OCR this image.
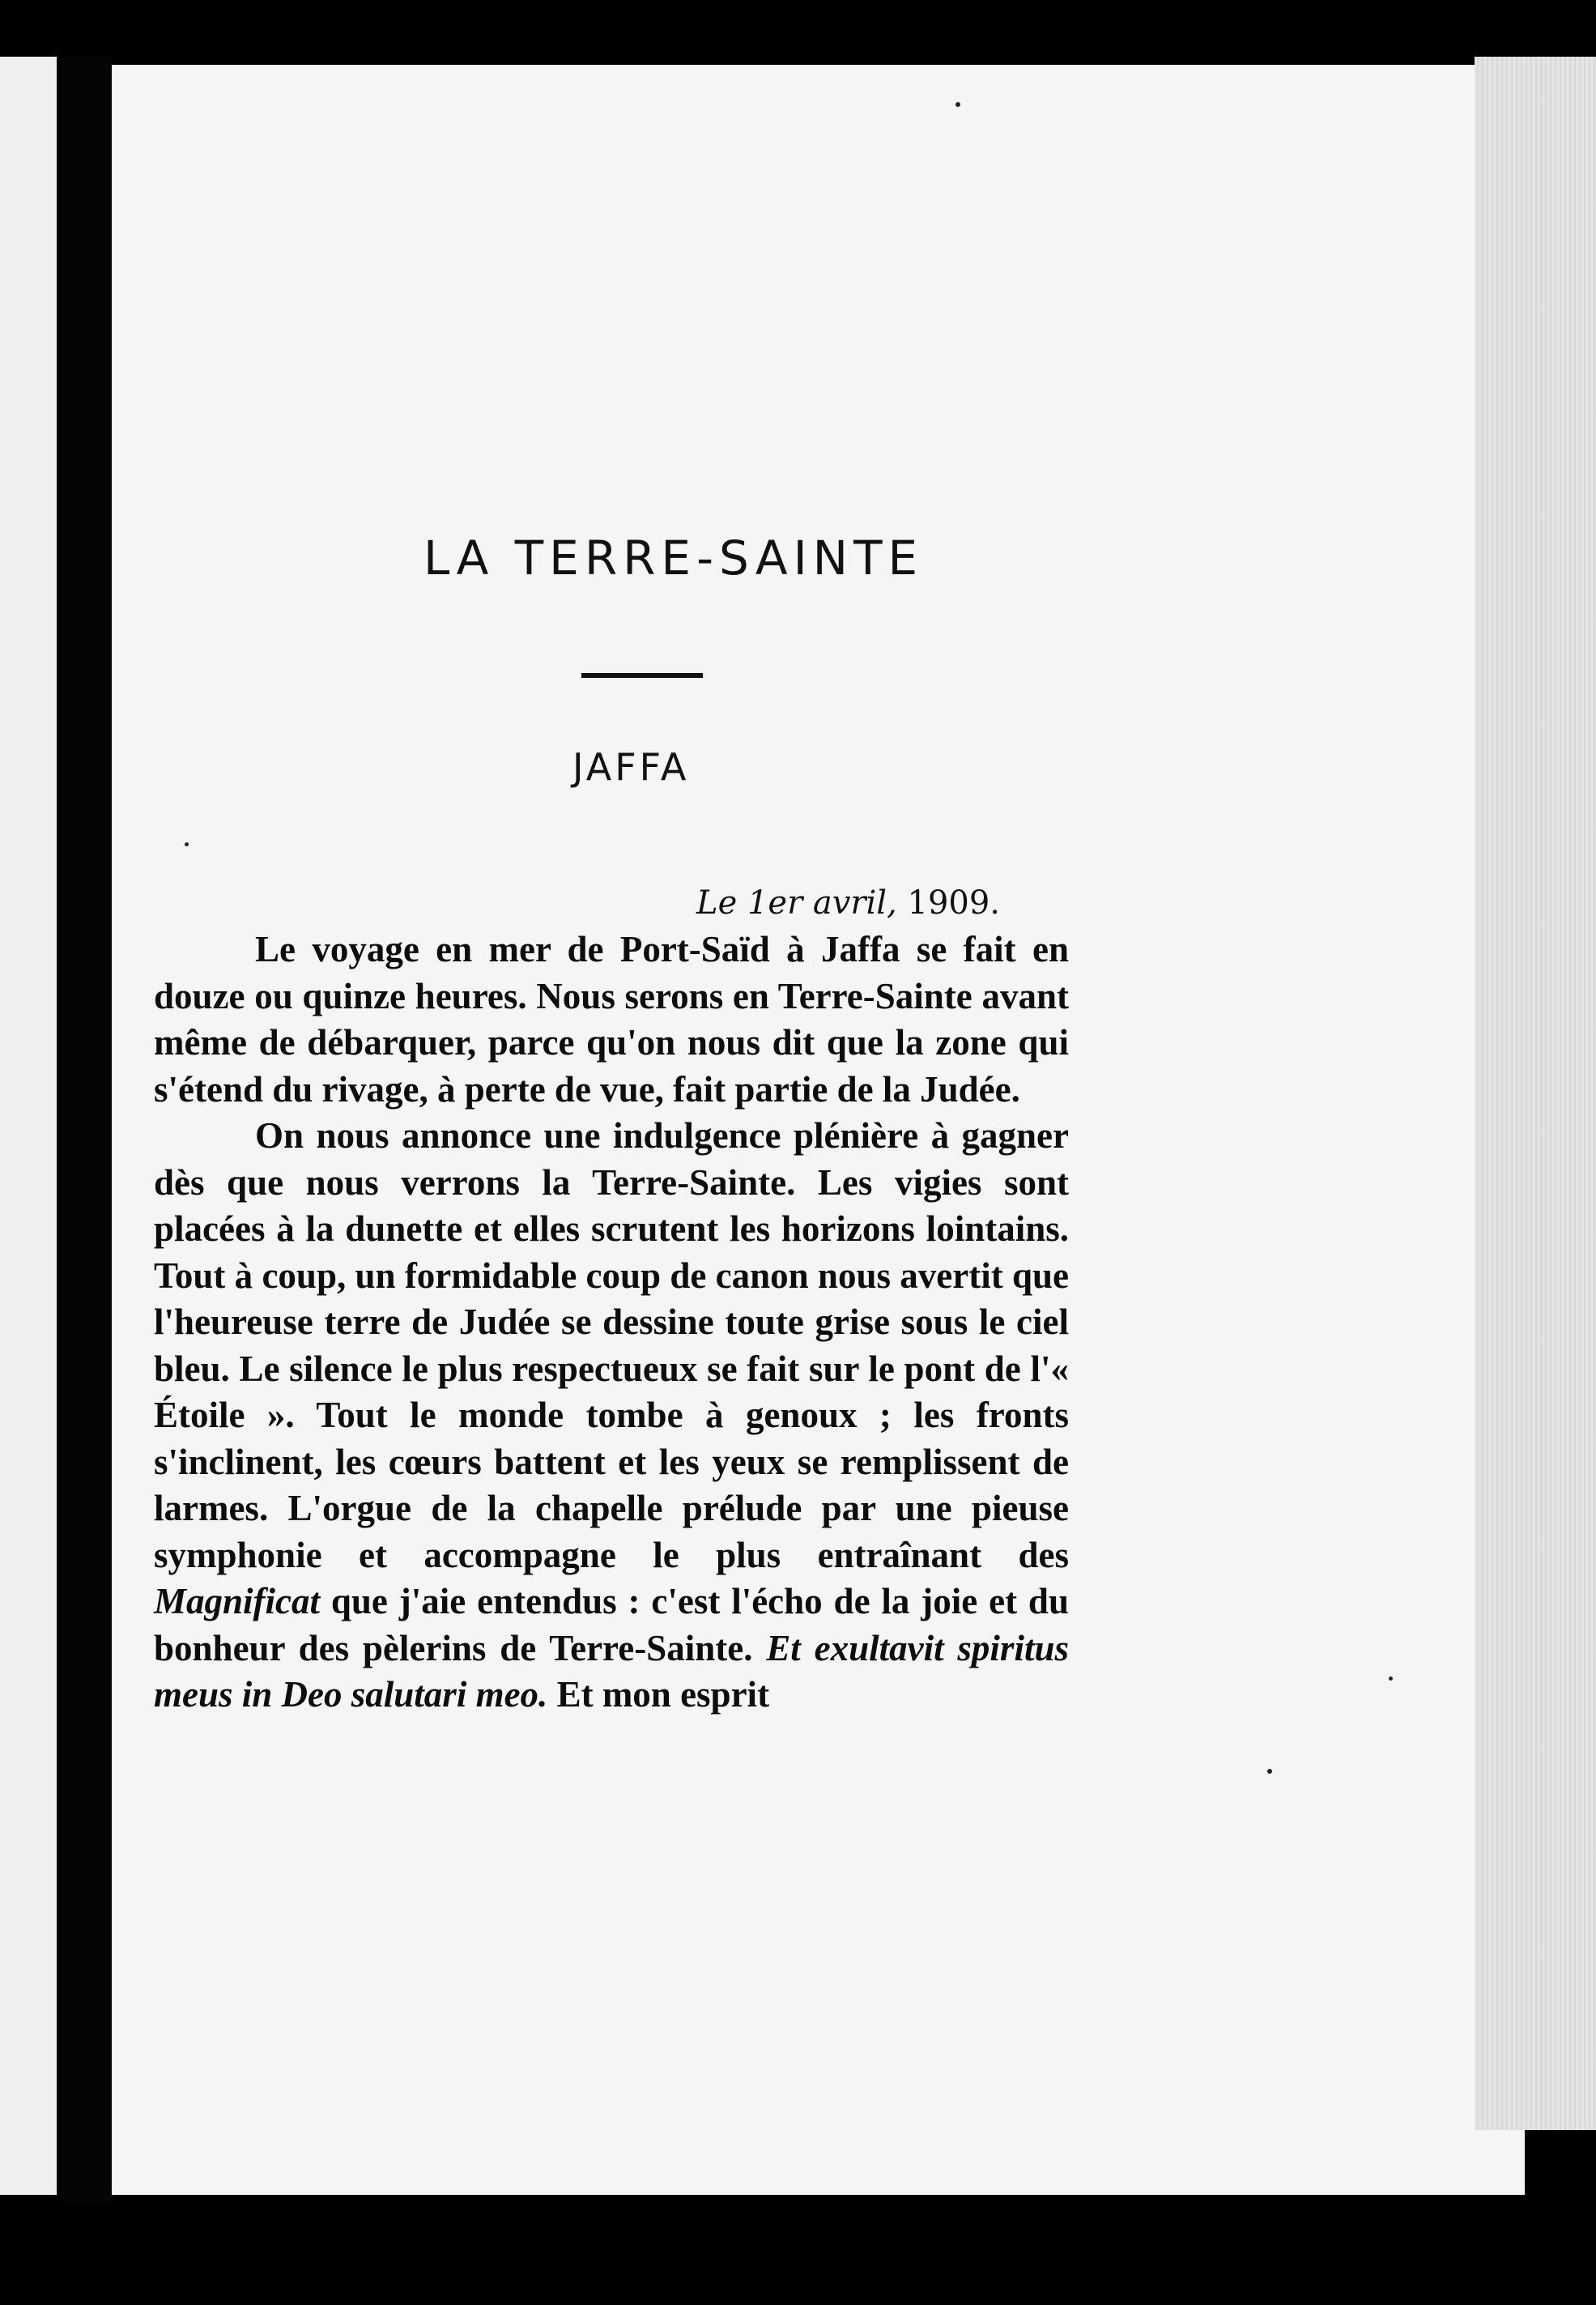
LA TERRE-SAINTE
JAFFA
Le 1er avril, 1909.

Le voyage en mer de Port-Saïd à Jaffa se fait en douze ou quinze heures. Nous serons en Terre-Sainte avant même de débarquer, parce qu'on nous dit que la zone qui s'étend du rivage, à perte de vue, fait partie de la Judée.

On nous annonce une indulgence plénière à gagner dès que nous verrons la Terre-Sainte. Les vigies sont placées à la dunette et elles scrutent les horizons lointains. Tout à coup, un formidable coup de canon nous avertit que l'heureuse terre de Judée se dessine toute grise sous le ciel bleu. Le silence le plus respectueux se fait sur le pont de l'« Étoile ». Tout le monde tombe à genoux ; les fronts s'inclinent, les cœurs battent et les yeux se remplissent de larmes. L'orgue de la chapelle prélude par une pieuse symphonie et accompagne le plus entraînant des Magnificat que j'aie entendus : c'est l'écho de la joie et du bonheur des pèlerins de Terre-Sainte. Et exultavit spiritus meus in Deo salutari meo. Et mon esprit
